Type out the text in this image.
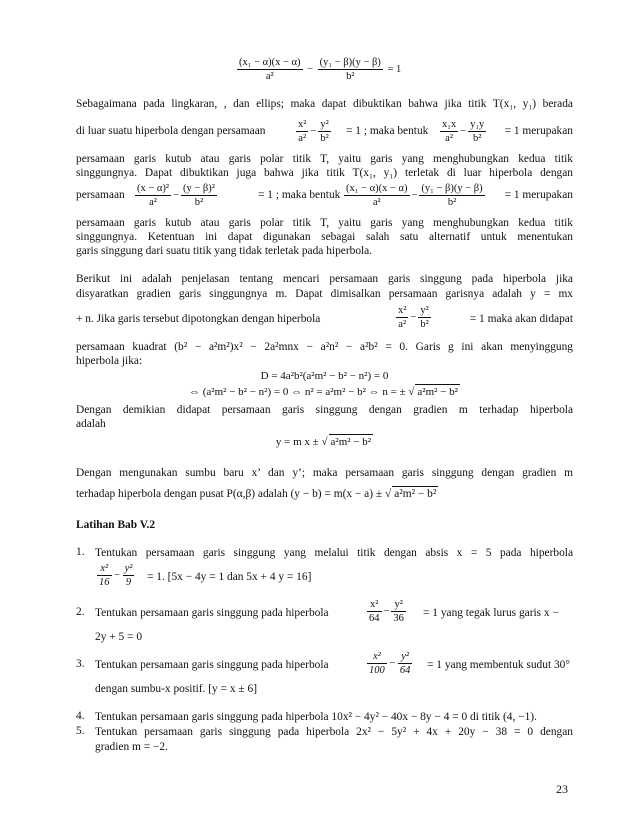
$\frac{\text{(x₁ − α)(x − α)}}{\text{a²}} - \frac{\text{(y₁ − β)(y − β)}}{\text{b²}} = 1$
Sebagaimana pada lingkaran, , dan ellips; maka dapat dibuktikan bahwa jika titik T(x₁, y₁) berada
di luar suatu hiperbola dengan persamaan	$\frac{\text{x²}}{\text{a²}} - \frac{\text{y²}}{\text{b²}} = 1$ ; maka bentuk $\frac{\text{x₁x}}{\text{a²}} - \frac{\text{y₁y}}{\text{b²}} = 1$ merupakan
persamaan garis kutub atau garis polar titik T, yaitu garis yang menghubungkan kedua titik
singgungnya. Dapat dibuktikan juga bahwa jika titik T(x₁, y₁) terletak di luar hiperbola dengan
persamaan $\frac{\text{(x − α)²}}{\text{a²}} - \frac{\text{(y − β)²}}{\text{b²}}$	= 1 ; maka bentuk $\frac{\text{(x₁ − α)(x − α)}}{\text{a²}} - \frac{\text{(y₁ − β)(y − β)}}{\text{b²}} = 1$ merupakan
persamaan garis kutub atau garis polar titik T, yaitu garis yang menghubungkan kedua titik
singgungnya. Ketentuan ini dapat digunakan sebagai salah satu alternatif untuk menentukan
garis singgung dari suatu titik yang tidak terletak pada hiperbola.
Berikut ini adalah penjelasan tentang mencari persamaan garis singgung pada hiperbola jika
disyaratkan gradien garis singgungnya m. Dapat dimisalkan persamaan garisnya adalah y = mx
+ n. Jika garis tersebut dipotongkan dengan hiperbola	$\frac{\text{x²}}{\text{a²}} - \frac{\text{y²}}{\text{b²}}$	= 1 maka akan didapat
persamaan kuadrat (b² − a²m²)x² − 2a²mnx − a²n² − a²b² = 0. Garis g ini akan menyinggung
hiperbola jika:
D = 4a²b²(a²m² − b² − n²) = 0
⇔ (a²m² − b² − n²) = 0 ⇔ n² = a²m² − b² ⇔ n = ± √ a²m² − b²
Dengan demikian didapat persamaan garis singgung dengan gradien m terhadap hiperbola
adalah
y = m x ± √ a²m² − b²
Dengan mengunakan sumbu baru x’ dan y’; maka persamaan garis singgung dengan gradien m
terhadap hiperbola dengan pusat P(α,β) adalah (y − b) = m(x − a) ± √ a²m² − b²
Latihan Bab V.2
1. Tentukan persamaan garis singgung yang melalui titik dengan absis x = 5 pada hiperbola
$\frac{\text{x²}}{16} - \frac{\text{y²}}{9} = 1$. [5x − 4y = 1 dan 5x + 4 y = 16]
2. Tentukan persamaan garis singgung pada hiperbola	$\frac{\text{x²}}{64} - \frac{\text{y²}}{36} = 1$ yang tegak lurus garis x −
2y + 5 = 0
3. Tentukan persamaan garis singgung pada hiperbola	$\frac{\text{x²}}{100} - \frac{\text{y²}}{64} = 1$ yang membentuk sudut 30°
dengan sumbu-x positif. [y = x ± 6]
4. Tentukan persamaan garis singgung pada hiperbola 10x² − 4y² − 40x − 8y − 4 = 0 di titik (4, −1).
5. Tentukan persamaan garis singgung pada hiperbola 2x² − 5y² + 4x + 20y − 38 = 0 dengan
gradien m = −2.
23
